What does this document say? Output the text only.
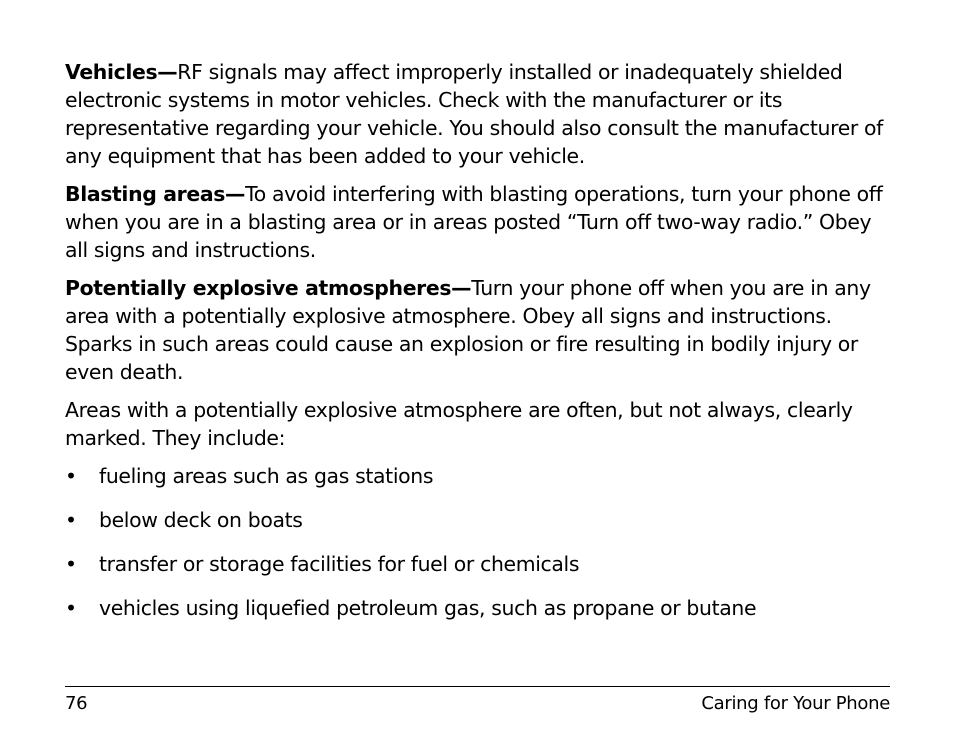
Vehicles—RF signals may affect improperly installed or inadequately shielded electronic systems in motor vehicles. Check with the manufacturer or its representative regarding your vehicle. You should also consult the manufacturer of any equipment that has been added to your vehicle.

Blasting areas—To avoid interfering with blasting operations, turn your phone off when you are in a blasting area or in areas posted “Turn off two-way radio.” Obey all signs and instructions.

Potentially explosive atmospheres—Turn your phone off when you are in any area with a potentially explosive atmosphere. Obey all signs and instructions. Sparks in such areas could cause an explosion or fire resulting in bodily injury or even death.

Areas with a potentially explosive atmosphere are often, but not always, clearly marked. They include:

• fueling areas such as gas stations
• below deck on boats
• transfer or storage facilities for fuel or chemicals
• vehicles using liquefied petroleum gas, such as propane or butane
76	Caring for Your Phone
